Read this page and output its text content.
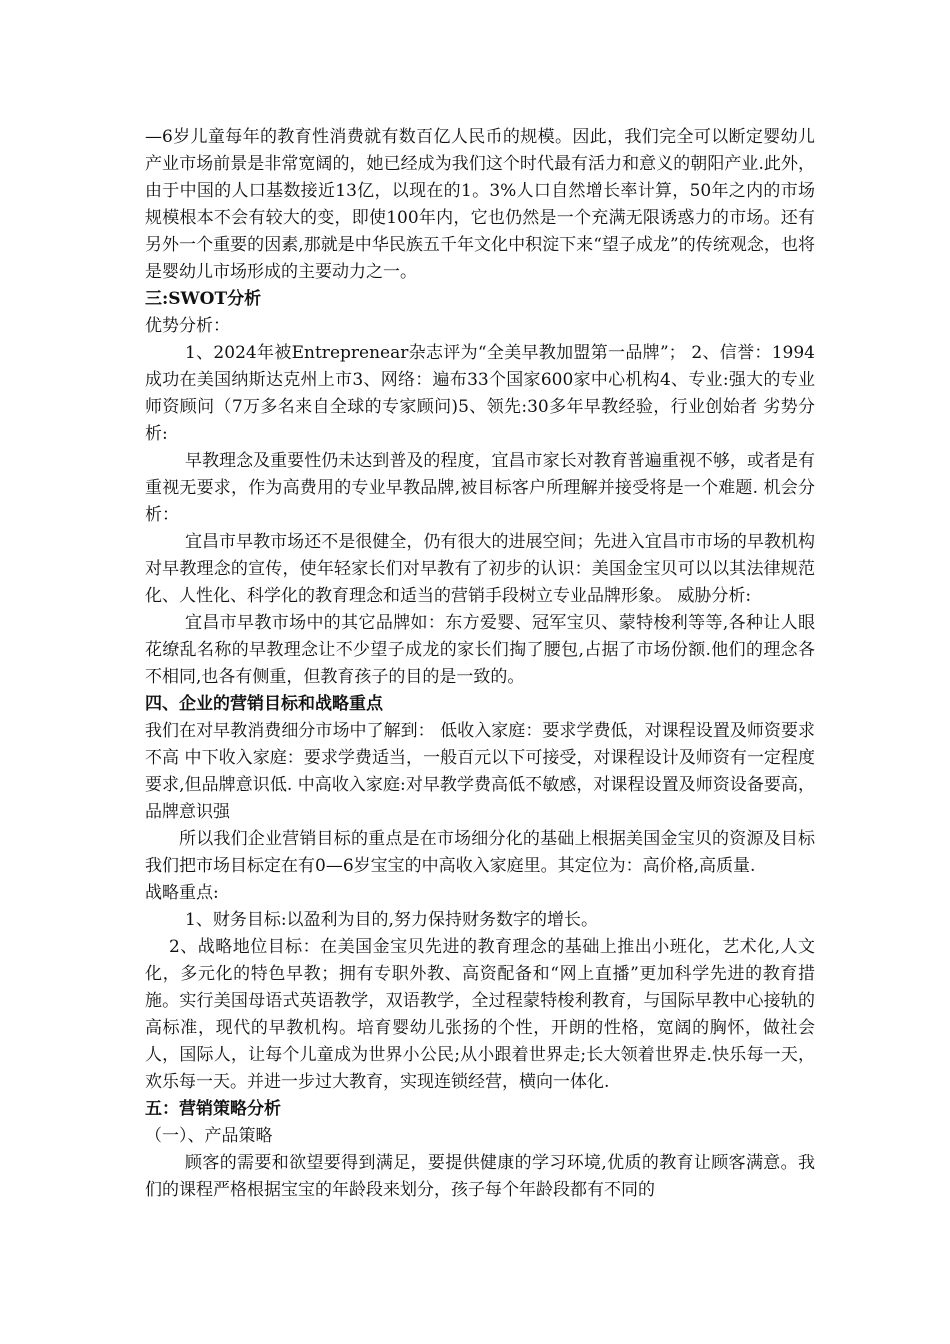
—6岁儿童每年的教育性消费就有数百亿人民币的规模。因此，我们完全可以断定婴幼儿产业市场前景是非常宽阔的，她已经成为我们这个时代最有活力和意义的朝阳产业.此外，由于中国的人口基数接近13亿，以现在的1。3%人口自然增长率计算，50年之内的市场规模根本不会有较大的变，即使100年内，它也仍然是一个充满无限诱惑力的市场。还有另外一个重要的因素,那就是中华民族五千年文化中积淀下来“望子成龙”的传统观念，也将是婴幼儿市场形成的主要动力之一。

三:SWOT分析

优势分析：

1、2024年被Entreprenear杂志评为“全美早教加盟第一品牌”； 2、信誉：1994成功在美国纳斯达克州上市3、网络：遍布33个国家600家中心机构4、专业:强大的专业师资顾问（7万多名来自全球的专家顾问)5、领先:30多年早教经验，行业创始者 劣势分析:

早教理念及重要性仍未达到普及的程度，宜昌市家长对教育普遍重视不够，或者是有重视无要求，作为高费用的专业早教品牌,被目标客户所理解并接受将是一个难题. 机会分析：

宜昌市早教市场还不是很健全，仍有很大的进展空间；先进入宜昌市市场的早教机构对早教理念的宣传，使年轻家长们对早教有了初步的认识：美国金宝贝可以以其法律规范化、人性化、科学化的教育理念和适当的营销手段树立专业品牌形象。 威胁分析:

宜昌市早教市场中的其它品牌如：东方爱婴、冠军宝贝、蒙特梭利等等,各种让人眼花缭乱名称的早教理念让不少望子成龙的家长们掏了腰包,占据了市场份额.他们的理念各不相同,也各有侧重，但教育孩子的目的是一致的。

四、企业的营销目标和战略重点

我们在对早教消费细分市场中了解到： 低收入家庭：要求学费低，对课程设置及师资要求不高 中下收入家庭：要求学费适当，一般百元以下可接受，对课程设计及师资有一定程度要求,但品牌意识低. 中高收入家庭:对早教学费高低不敏感，对课程设置及师资设备要高，品牌意识强

所以我们企业营销目标的重点是在市场细分化的基础上根据美国金宝贝的资源及目标我们把市场目标定在有0—6岁宝宝的中高收入家庭里。其定位为：高价格,高质量.

战略重点:

1、财务目标:以盈利为目的,努力保持财务数字的增长。

2、战略地位目标：在美国金宝贝先进的教育理念的基础上推出小班化，艺术化,人文化，多元化的特色早教；拥有专职外教、高资配备和“网上直播”更加科学先进的教育措施。实行美国母语式英语教学，双语教学，全过程蒙特梭利教育，与国际早教中心接轨的高标准，现代的早教机构。培育婴幼儿张扬的个性，开朗的性格，宽阔的胸怀，做社会人，国际人，让每个儿童成为世界小公民;从小跟着世界走;长大领着世界走.快乐每一天，欢乐每一天。并进一步过大教育，实现连锁经营，横向一体化.

五：营销策略分析

（一）、产品策略

顾客的需要和欲望要得到满足，要提供健康的学习环境,优质的教育让顾客满意。我们的课程严格根据宝宝的年龄段来划分，孩子每个年龄段都有不同的
